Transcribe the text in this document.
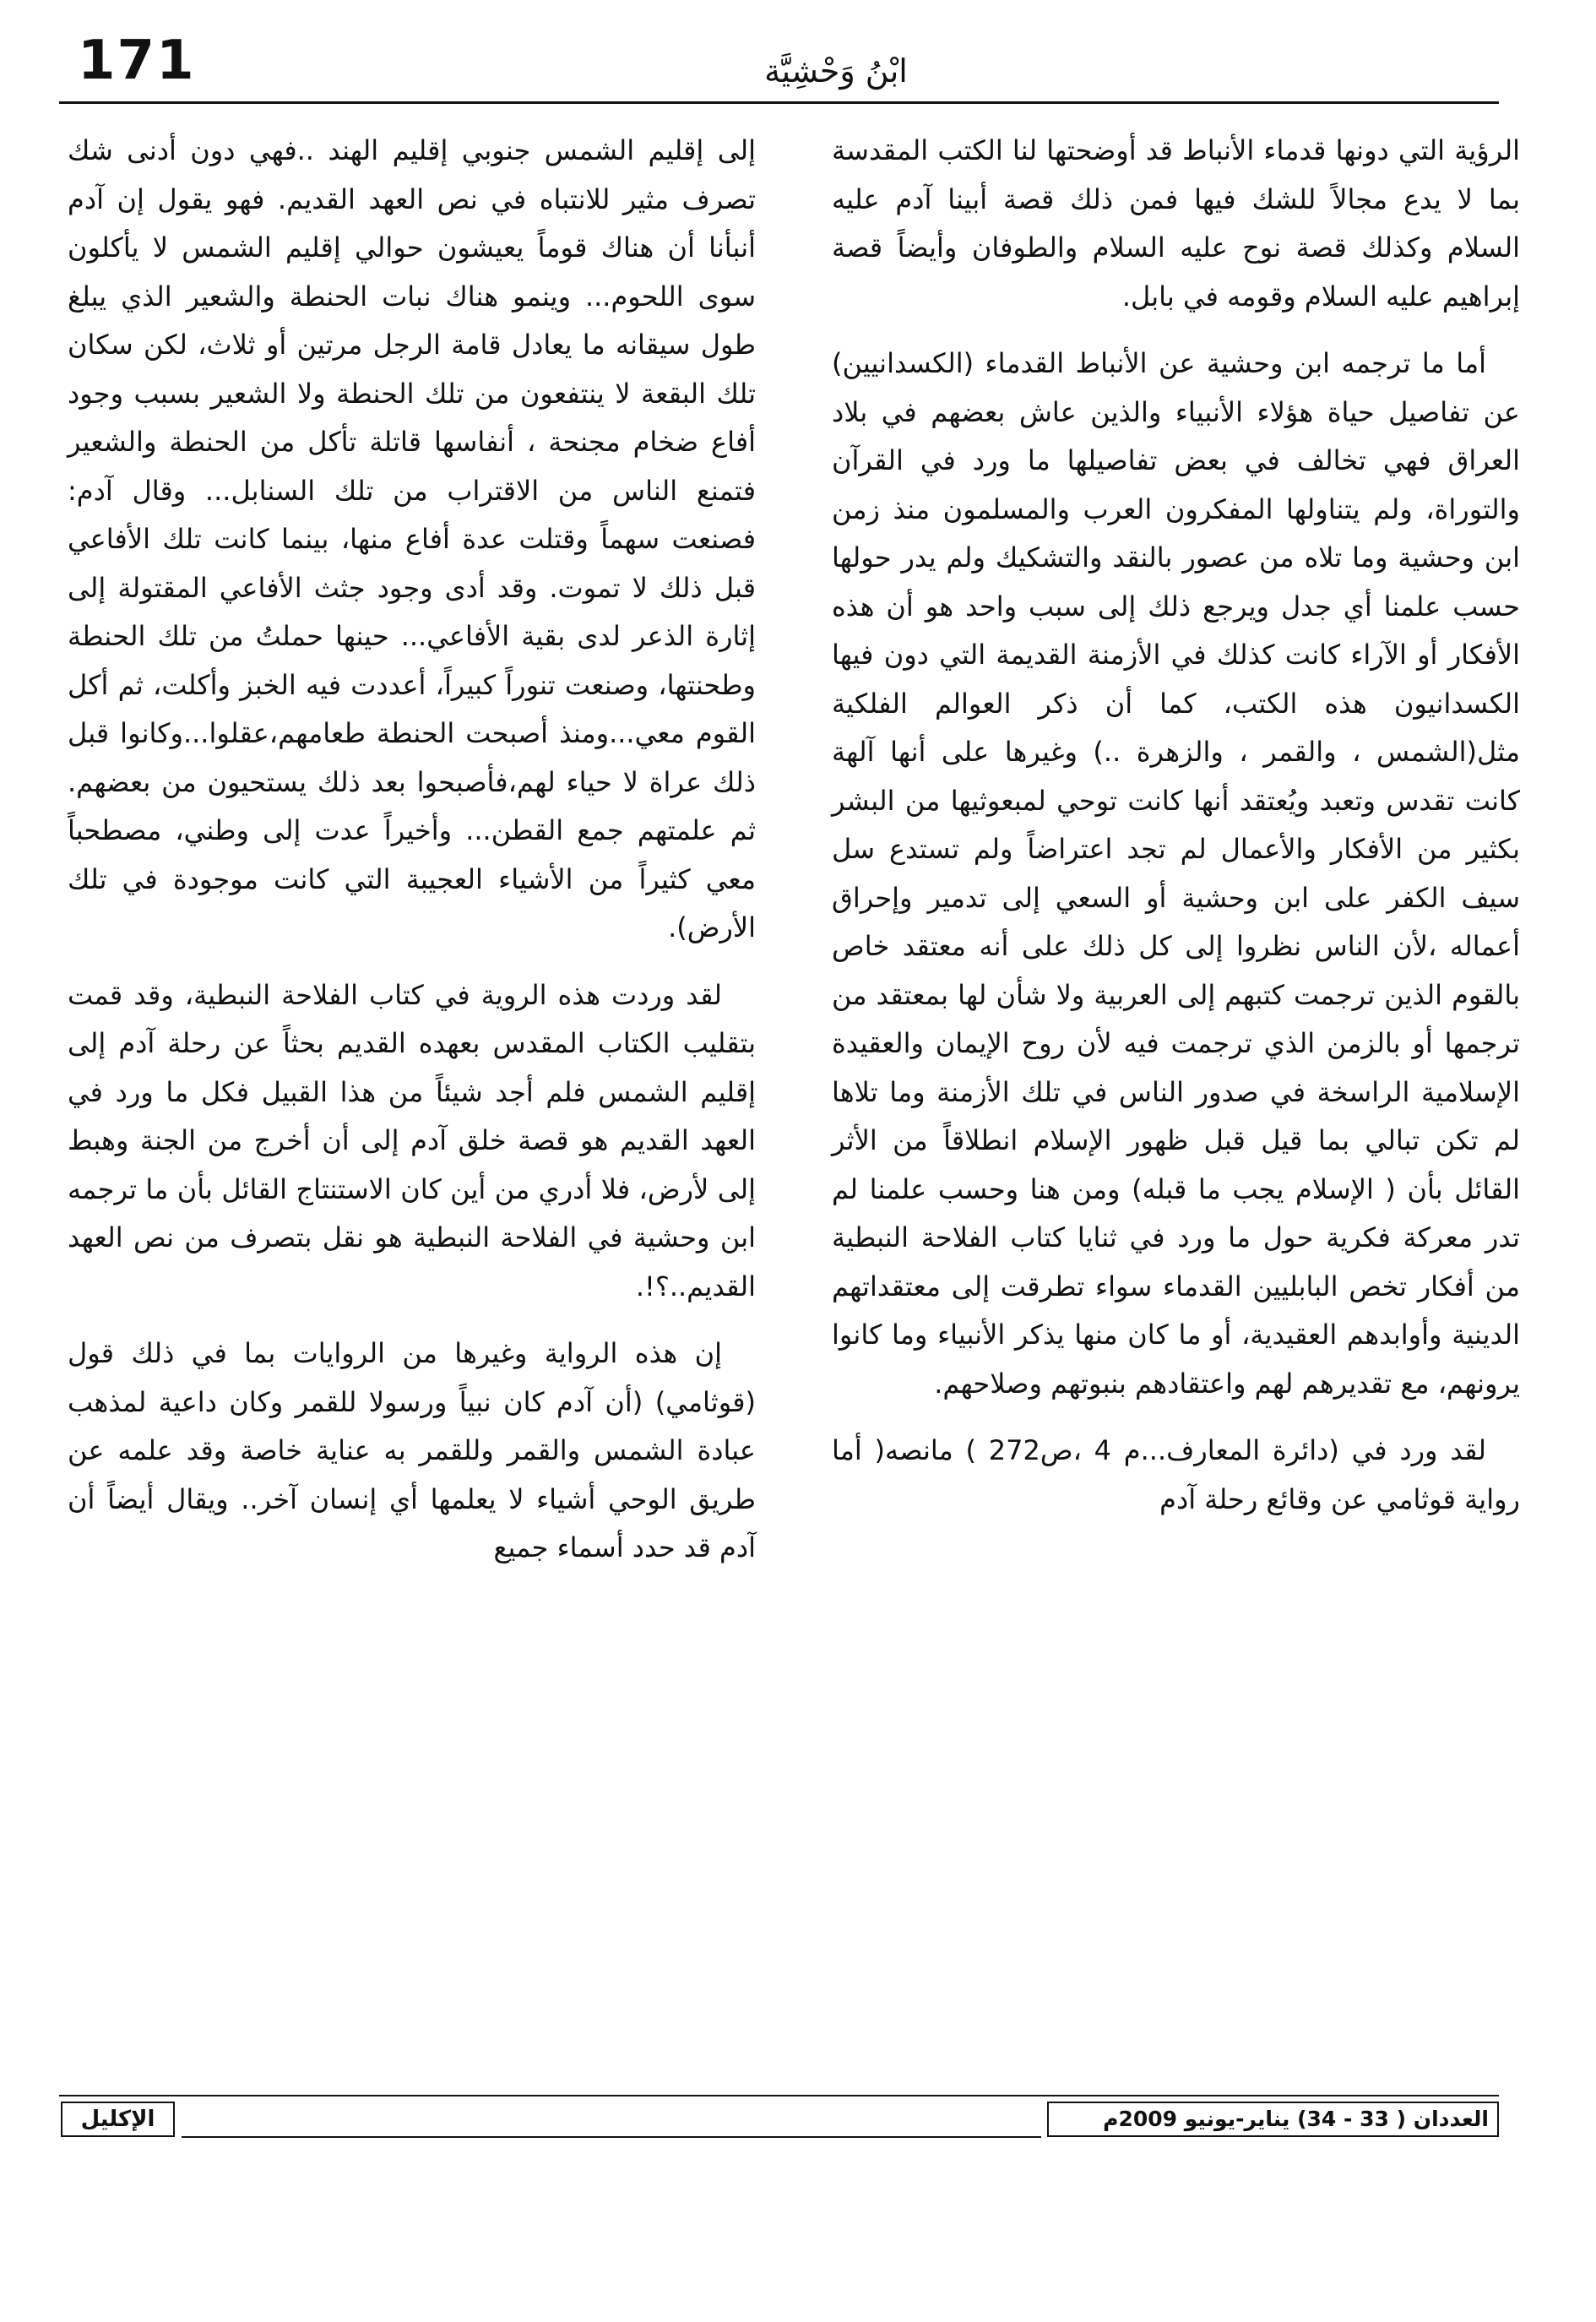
171	ابْنُ وَحْشِيَّة

الرؤية التي دونها قدماء الأنباط قد أوضحتها لنا الكتب المقدسة بما لا يدع مجالاً للشك فيها فمن ذلك قصة أبينا آدم عليه السلام وكذلك قصة نوح عليه السلام والطوفان وأيضاً قصة إبراهيم عليه السلام وقومه في بابل.

أما ما ترجمه ابن وحشية عن الأنباط القدماء (الكسدانيين) عن تفاصيل حياة هؤلاء الأنبياء والذين عاش بعضهم في بلاد العراق فهي تخالف في بعض تفاصيلها ما ورد في القرآن والتوراة، ولم يتناولها المفكرون العرب والمسلمون منذ زمن ابن وحشية وما تلاه من عصور بالنقد والتشكيك ولم يدر حولها حسب علمنا أي جدل ويرجع ذلك إلى سبب واحد هو أن هذه الأفكار أو الآراء كانت كذلك في الأزمنة القديمة التي دون فيها الكسدانيون هذه الكتب، كما أن ذكر العوالم الفلكية مثل(الشمس ، والقمر ، والزهرة ..) وغيرها على أنها آلهة كانت تقدس وتعبد ويُعتقد أنها كانت توحي لمبعوثيها من البشر بكثير من الأفكار والأعمال لم تجد اعتراضاً ولم تستدع سل سيف الكفر على ابن وحشية أو السعي إلى تدمير وإحراق أعماله ،لأن الناس نظروا إلى كل ذلك على أنه معتقد خاص بالقوم الذين ترجمت كتبهم إلى العربية ولا شأن لها بمعتقد من ترجمها أو بالزمن الذي ترجمت فيه لأن روح الإيمان والعقيدة الإسلامية الراسخة في صدور الناس في تلك الأزمنة وما تلاها لم تكن تبالي بما قيل قبل ظهور الإسلام انطلاقاً من الأثر القائل بأن ( الإسلام يجب ما قبله) ومن هنا وحسب علمنا لم تدر معركة فكرية حول ما ورد في ثنايا كتاب الفلاحة النبطية من أفكار تخص البابليين القدماء سواء تطرقت إلى معتقداتهم الدينية وأوابدهم العقيدية، أو ما كان منها يذكر الأنبياء وما كانوا يرونهم، مع تقديرهم لهم واعتقادهم بنبوتهم وصلاحهم.

لقد ورد في (دائرة المعارف...م 4 ،ص272 ) مانصه( أما رواية قوثامي عن وقائع رحلة آدم

إلى إقليم الشمس جنوبي إقليم الهند ..فهي دون أدنى شك تصرف مثير للانتباه في نص العهد القديم. فهو يقول إن آدم أنبأنا أن هناك قوماً يعيشون حوالي إقليم الشمس لا يأكلون سوى اللحوم... وينمو هناك نبات الحنطة والشعير الذي يبلغ طول سيقانه ما يعادل قامة الرجل مرتين أو ثلاث، لكن سكان تلك البقعة لا ينتفعون من تلك الحنطة ولا الشعير بسبب وجود أفاع ضخام مجنحة ، أنفاسها قاتلة تأكل من الحنطة والشعير فتمنع الناس من الاقتراب من تلك السنابل... وقال آدم: فصنعت سهماً وقتلت عدة أفاع منها، بينما كانت تلك الأفاعي قبل ذلك لا تموت. وقد أدى وجود جثث الأفاعي المقتولة إلى إثارة الذعر لدى بقية الأفاعي... حينها حملتُ من تلك الحنطة وطحنتها، وصنعت تنوراً كبيراً، أعددت فيه الخبز وأكلت، ثم أكل القوم معي...ومنذ أصبحت الحنطة طعامهم،عقلوا...وكانوا قبل ذلك عراة لا حياء لهم،فأصبحوا بعد ذلك يستحيون من بعضهم. ثم علمتهم جمع القطن... وأخيراً عدت إلى وطني، مصطحباً معي كثيراً من الأشياء العجيبة التي كانت موجودة في تلك الأرض).

لقد وردت هذه الروية في كتاب الفلاحة النبطية، وقد قمت بتقليب الكتاب المقدس بعهده القديم بحثاً عن رحلة آدم إلى إقليم الشمس فلم أجد شيئاً من هذا القبيل فكل ما ورد في العهد القديم هو قصة خلق آدم إلى أن أخرج من الجنة وهبط إلى لأرض، فلا أدري من أين كان الاستنتاج القائل بأن ما ترجمه ابن وحشية في الفلاحة النبطية هو نقل بتصرف من نص العهد القديم..؟!.

إن هذه الرواية وغيرها من الروايات بما في ذلك قول (قوثامي) (أن آدم كان نبياً ورسولا للقمر وكان داعية لمذهب عبادة الشمس والقمر وللقمر به عناية خاصة وقد علمه عن طريق الوحي أشياء لا يعلمها أي إنسان آخر.. ويقال أيضاً أن آدم قد حدد أسماء جميع

العددان ( 33 - 34) يناير-يونيو 2009م
الإكليل
